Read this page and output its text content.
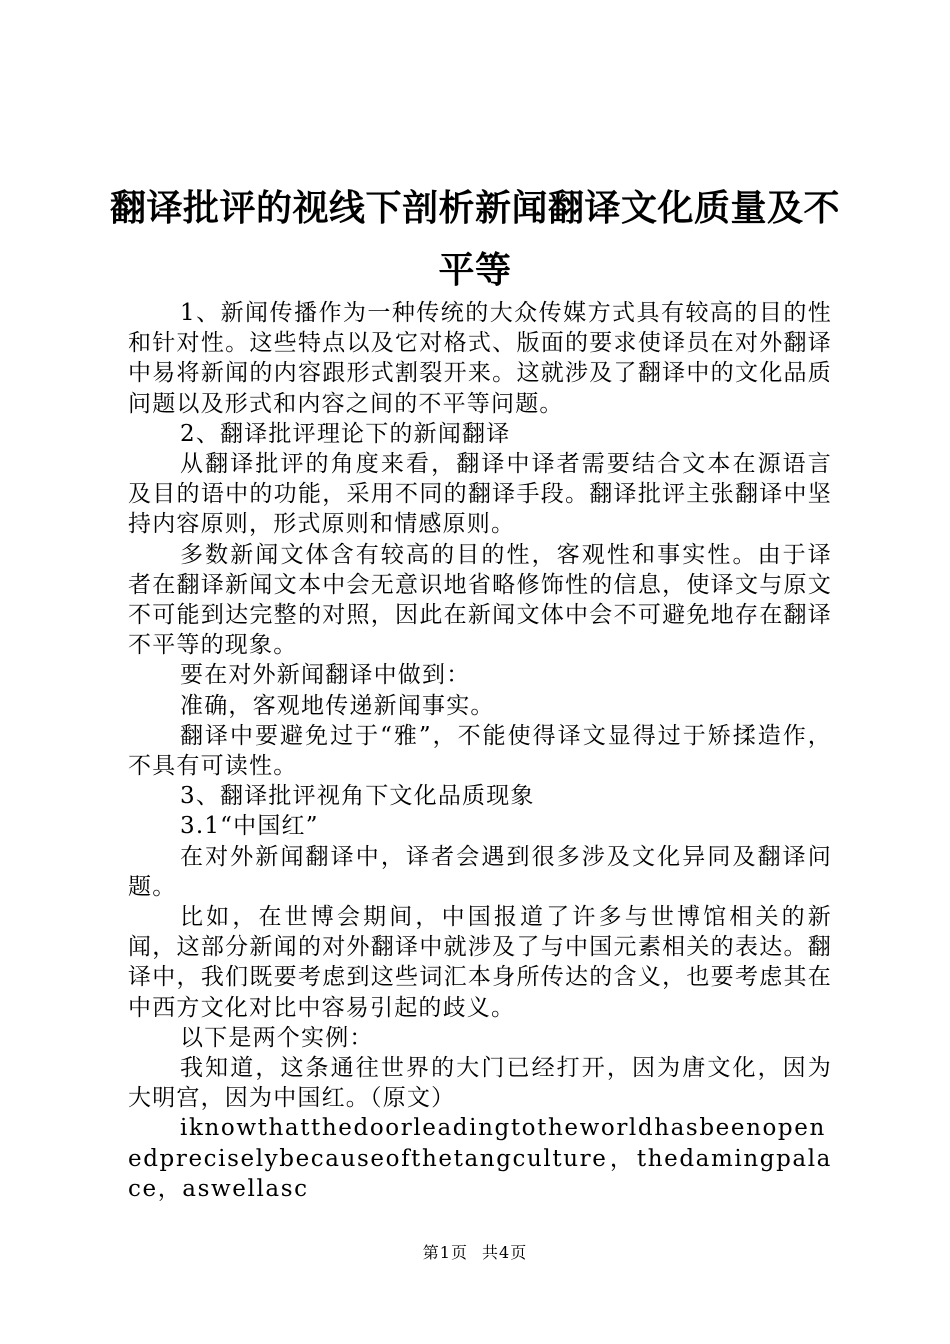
翻译批评的视线下剖析新闻翻译文化质量及不平等

1、新闻传播作为一种传统的大众传媒方式具有较高的目的性和针对性。这些特点以及它对格式、版面的要求使译员在对外翻译中易将新闻的内容跟形式割裂开来。这就涉及了翻译中的文化品质问题以及形式和内容之间的不平等问题。

2、翻译批评理论下的新闻翻译

从翻译批评的角度来看，翻译中译者需要结合文本在源语言及目的语中的功能，采用不同的翻译手段。翻译批评主张翻译中坚持内容原则，形式原则和情感原则。

多数新闻文体含有较高的目的性，客观性和事实性。由于译者在翻译新闻文本中会无意识地省略修饰性的信息，使译文与原文不可能到达完整的对照，因此在新闻文体中会不可避免地存在翻译不平等的现象。

要在对外新闻翻译中做到：

准确，客观地传递新闻事实。

翻译中要避免过于“雅”，不能使得译文显得过于矫揉造作，不具有可读性。

3、翻译批评视角下文化品质现象

3.1“中国红”

在对外新闻翻译中，译者会遇到很多涉及文化异同及翻译问题。

比如，在世博会期间，中国报道了许多与世博馆相关的新闻，这部分新闻的对外翻译中就涉及了与中国元素相关的表达。翻译中，我们既要考虑到这些词汇本身所传达的含义，也要考虑其在中西方文化对比中容易引起的歧义。

以下是两个实例：

我知道，这条通往世界的大门已经打开，因为唐文化，因为大明宫，因为中国红。（原文）

iknowthatthedoorleadingtotheworldhasbeenopenedpreciselybecauseofthetangculture，thedamingpalace，aswellasc

第1页 共4页
